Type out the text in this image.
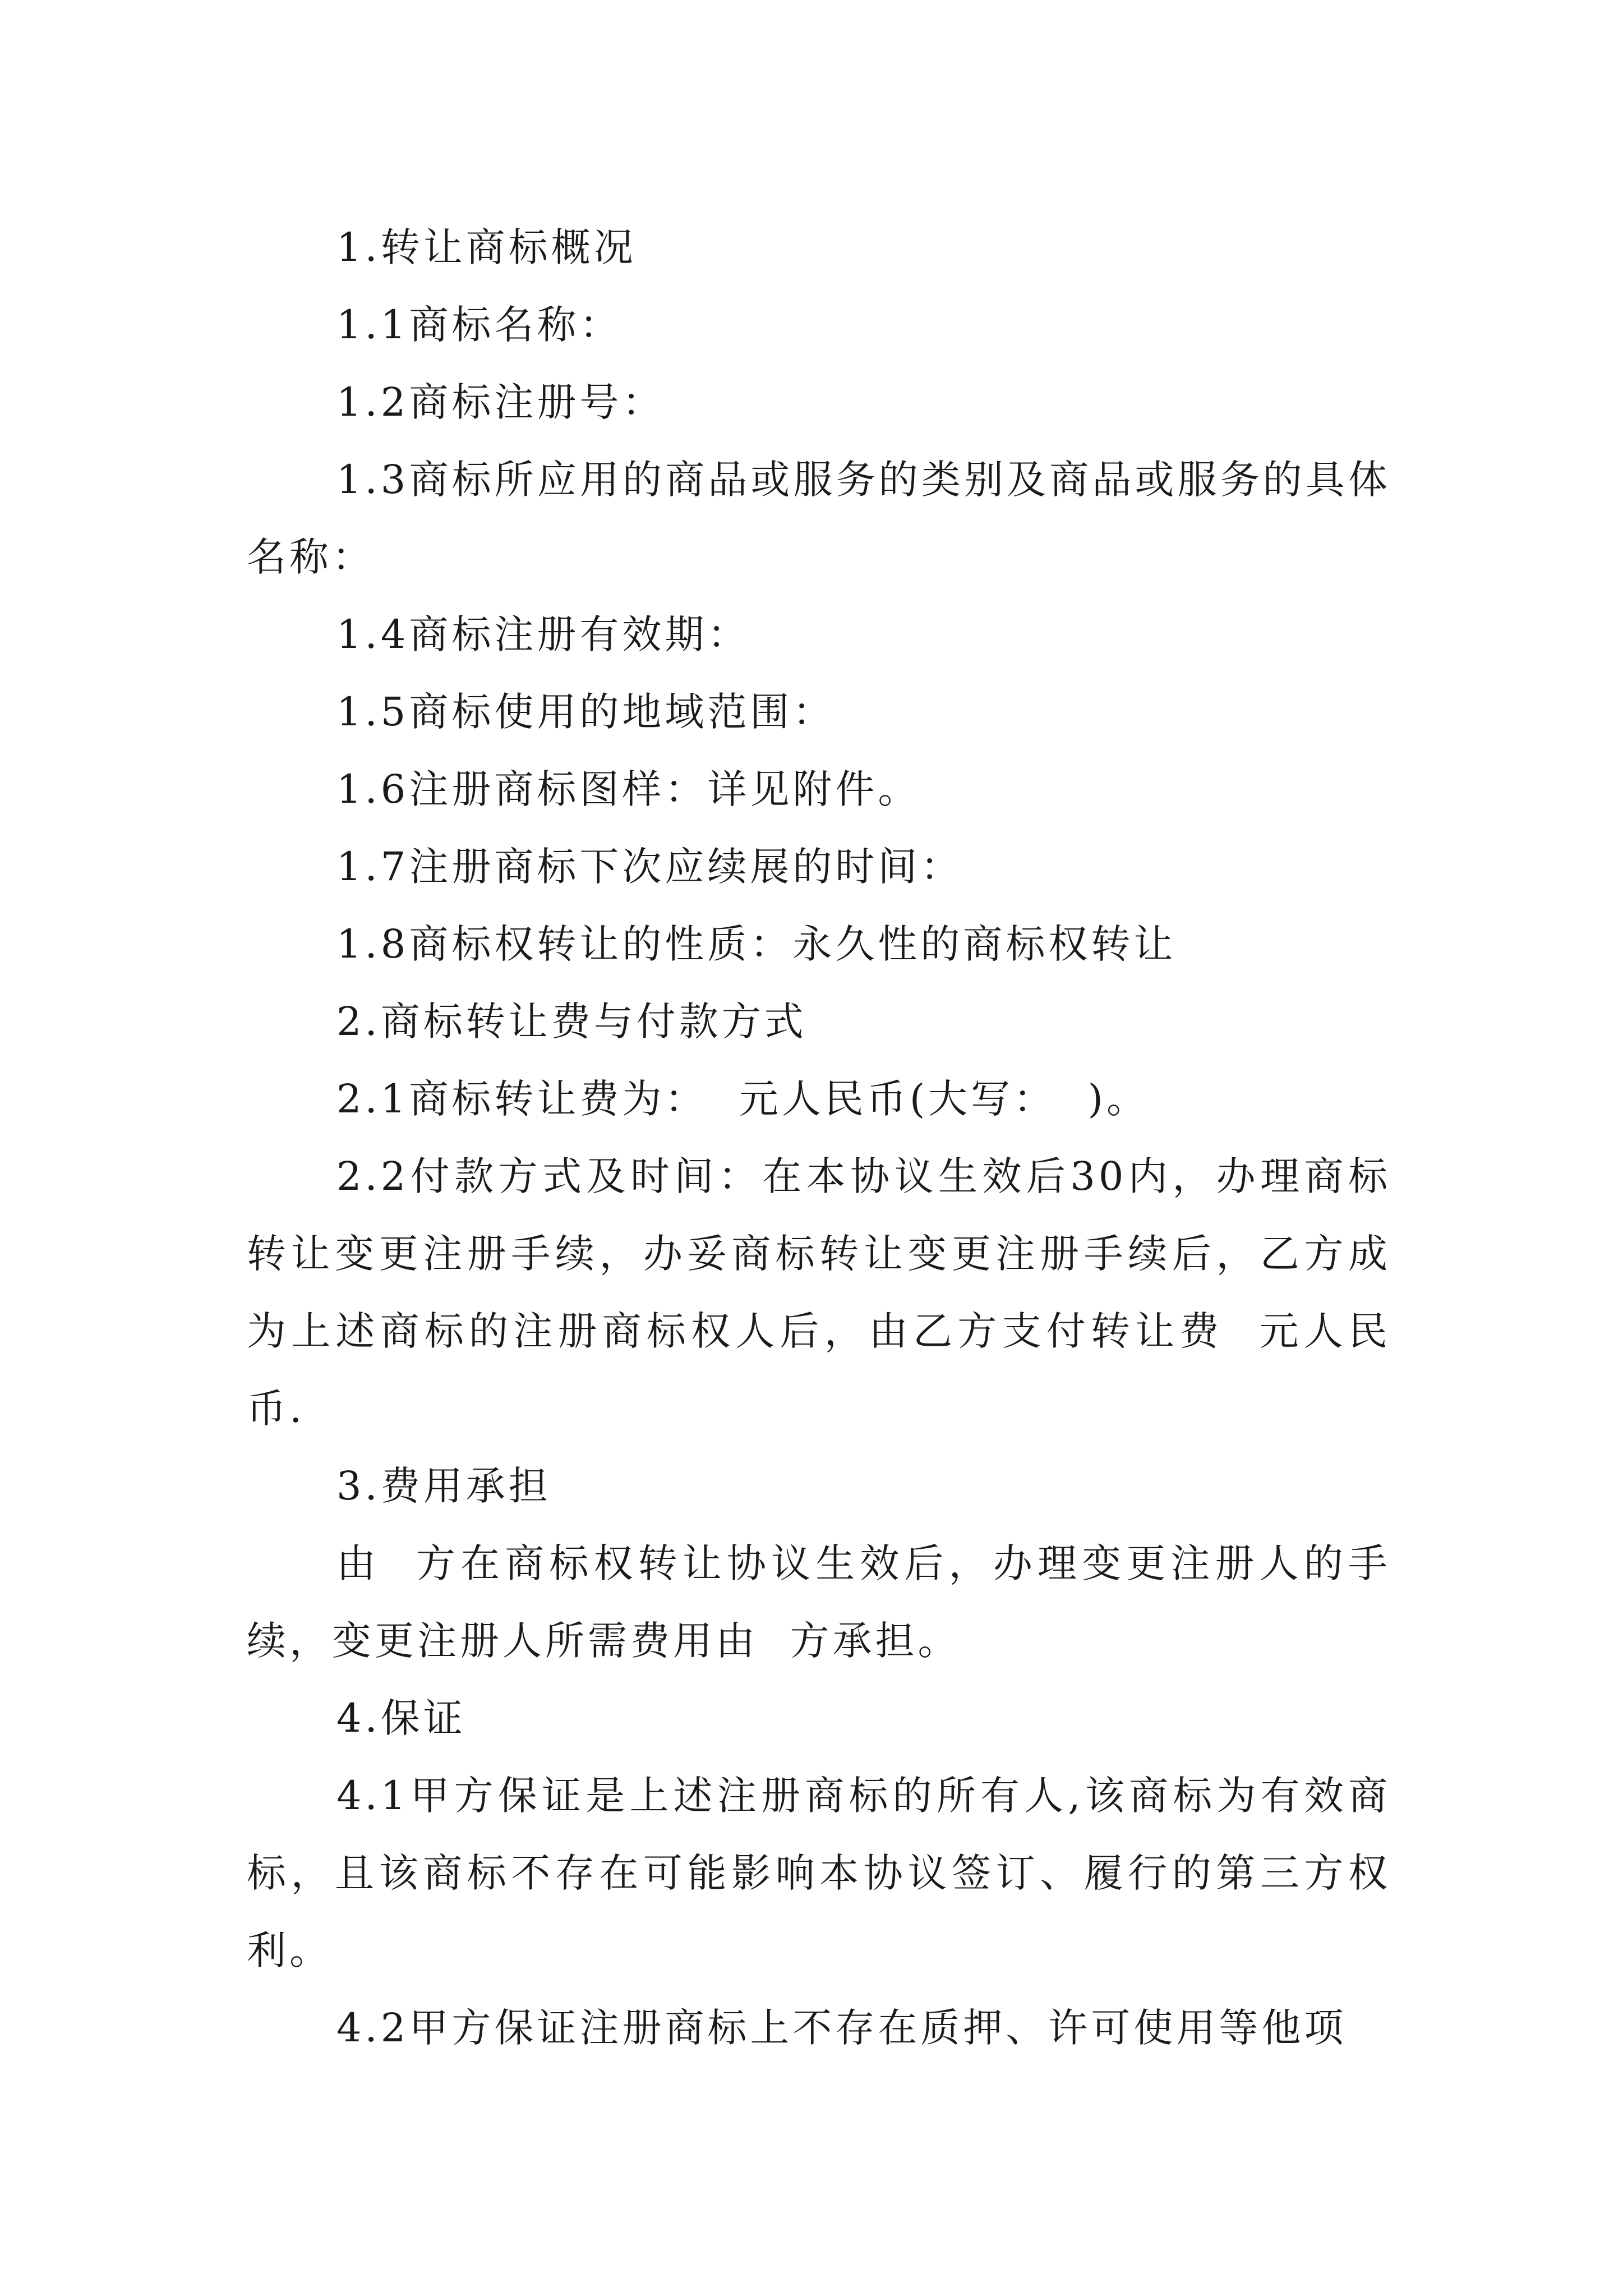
1.转让商标概况

1.1商标名称：

1.2商标注册号：

1.3商标所应用的商品或服务的类别及商品或服务的具体名称：

1.4商标注册有效期：

1.5商标使用的地域范围：

1.6注册商标图样：详见附件。

1.7注册商标下次应续展的时间：

1.8商标权转让的性质：永久性的商标权转让

2.商标转让费与付款方式

2.1商标转让费为：  元人民币(大写：  )。

2.2付款方式及时间：在本协议生效后30内，办理商标转让变更注册手续，办妥商标转让变更注册手续后，乙方成为上述商标的注册商标权人后，由乙方支付转让费  元人民币.

3.费用承担

由  方在商标权转让协议生效后，办理变更注册人的手续，变更注册人所需费用由  方承担。

4.保证

4.1甲方保证是上述注册商标的所有人,该商标为有效商标，且该商标不存在可能影响本协议签订、履行的第三方权利。

4.2甲方保证注册商标上不存在质押、许可使用等他项
